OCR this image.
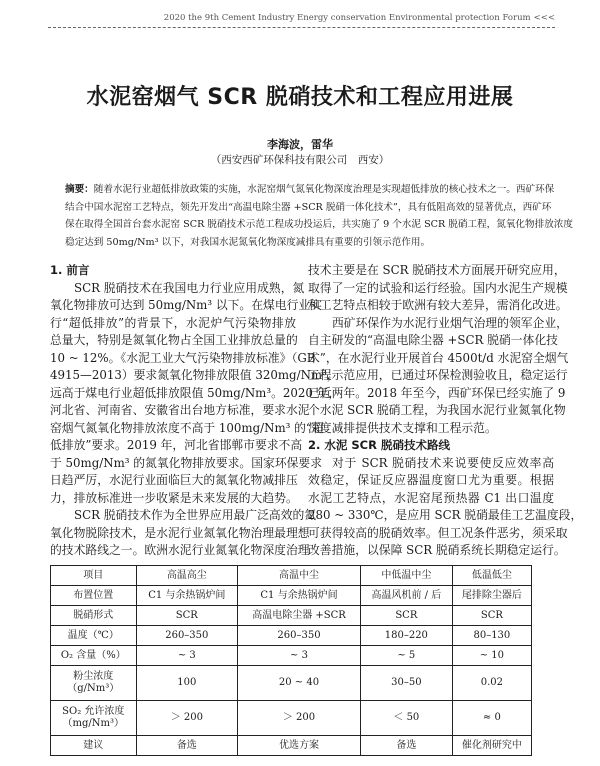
2020 the 9th Cement Industry Energy conservation Environmental protection Forum <<<
水泥窑烟气 SCR 脱硝技术和工程应用进展
李海波，雷华
（西安西矿环保科技有限公司　西安）
摘要：随着水泥行业超低排放政策的实施，水泥窑烟气氮氧化物深度治理是实现超低排放的核心技术之一。西矿环保
结合中国水泥窑工艺特点，领先开发出“高温电除尘器 +SCR 脱硝一体化技术”，具有低阻高效的显著优点，西矿环
保在取得全国首台套水泥窑 SCR 脱硝技术示范工程成功投运后，共实施了 9 个水泥 SCR 脱硝工程，氮氧化物排放浓度
稳定达到 50mg/Nm³ 以下，对我国水泥氮氧化物深度减排具有重要的引领示范作用。
1. 前言
SCR 脱硝技术在我国电力行业应用成熟，氮
氧化物排放可达到 50mg/Nm³ 以下。在煤电行业实
行“超低排放”的背景下，水泥炉气污染物排放
总量大，特别是氮氧化物占全国工业排放总量的
10 ~ 12%。《水泥工业大气污染物排放标准》（GB
4915—2013）要求氮氧化物排放限值 320mg/Nm³，
远高于煤电行业超低排放限值 50mg/Nm³。2020 年，
河北省、河南省、安徽省出台地方标准，要求水泥
窑烟气氮氧化物排放浓度不高于 100mg/Nm³ 的“超
低排放”要求。2019 年，河北省邯郸市要求不高
于 50mg/Nm³ 的氮氧化物排放要求。国家环保要求
日趋严厉，水泥行业面临巨大的氮氧化物减排压
力，排放标准进一步收紧是未来发展的大趋势。
SCR 脱硝技术作为全世界应用最广泛高效的氮
氧化物脱除技术，是水泥行业氮氧化物治理最理想
的技术路线之一。欧洲水泥行业氮氧化物深度治理
技术主要是在 SCR 脱硝技术方面展开研究应用，
取得了一定的试验和运行经验。国内水泥生产规模
和工艺特点相较于欧洲有较大差异，需消化改进。
西矿环保作为水泥行业烟气治理的领军企业，
自主研发的“高温电除尘器 +SCR 脱硝一体化技
术”，在水泥行业开展首台 4500t/d 水泥窑全烟气
工程示范应用，已通过环保检测验收且，稳定运行
已近两年。2018 年至今，西矿环保已经实施了 9
个水泥 SCR 脱硝工程，为我国水泥行业氮氧化物
深度减排提供技术支撑和工程示范。
2. 水泥 SCR 脱硝技术路线
对于 SCR 脱硝技术来说要使反应效率高
效稳定，保证反应器温度窗口尤为重要。根据
水泥工艺特点，水泥窑尾预热器 C1 出口温度
280 ~ 330℃，是应用 SCR 脱硝最佳工艺温度段，
可获得较高的脱硝效率。但工况条件恶劣，须采取
改善措施，以保障 SCR 脱硝系统长期稳定运行。
项目	高温高尘	高温中尘	中低温中尘	低温低尘
布置位置	C1 与余热锅炉间	C1 与余热锅炉间	高温风机前 / 后	尾排除尘器后
脱硝形式	SCR	高温电除尘器 +SCR	SCR	SCR
温度（℃）	260–350	260–350	180–220	80–130
O₂ 含量（%）	~ 3	~ 3	~ 5	~ 10
粉尘浓度
（g/Nm³）	100	20 ~ 40	30–50	0.02
SO₂ 允许浓度
（mg/Nm³）	＞ 200	＞ 200	＜ 50	≈ 0
建议	备选	优选方案	备选	催化剂研究中
